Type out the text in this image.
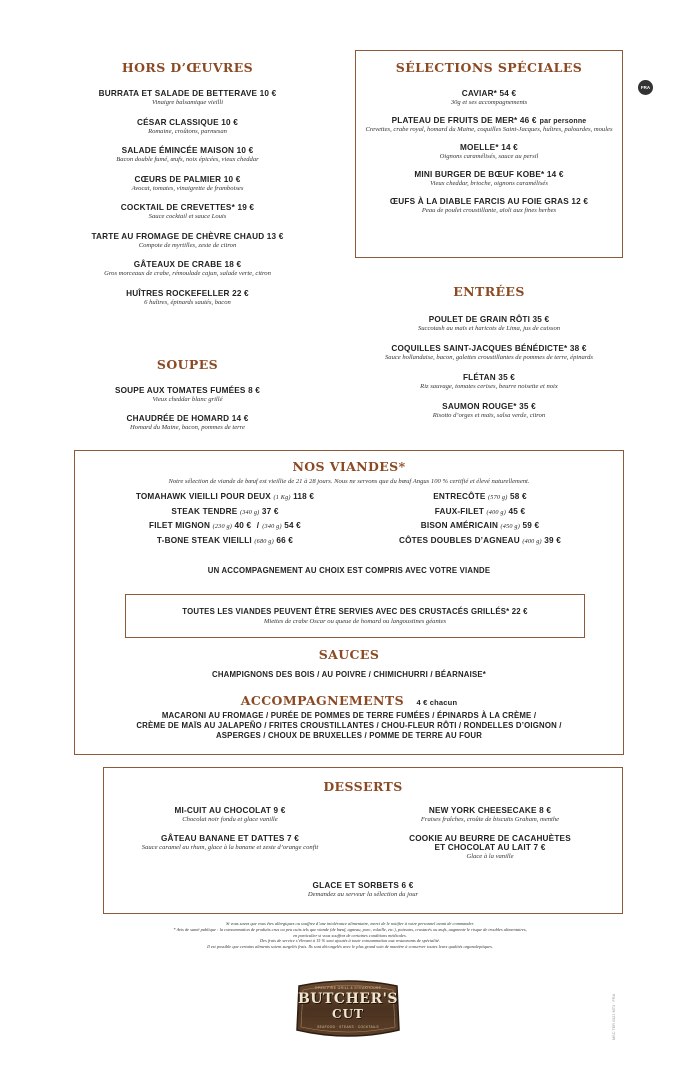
FRA
HORS D’ŒUVRES
BURRATA ET SALADE DE BETTERAVE 10 €
Vinaigre balsamique vieilli
CÉSAR CLASSIQUE 10 €
Romaine, croûtons, parmesan
SALADE ÉMINCÉE MAISON 10 €
Bacon double fumé, œufs, noix épicées, vieux cheddar
CŒURS DE PALMIER 10 €
Avocat, tomates, vinaigrette de framboises
COCKTAIL DE CREVETTES* 19 €
Sauce cocktail et sauce Louis
TARTE AU FROMAGE DE CHÈVRE CHAUD 13 €
Compote de myrtilles, zeste de citron
GÂTEAUX DE CRABE 18 €
Gros morceaux de crabe, rémoulade cajun, salade verte, citron
HUÎTRES ROCKEFELLER 22 €
6 huîtres, épinards sautés, bacon
SOUPES
SOUPE AUX TOMATES FUMÉES 8 €
Vieux cheddar blanc grillé
CHAUDRÉE DE HOMARD 14 €
Homard du Maine, bacon, pommes de terre
SÉLECTIONS SPÉCIALES
CAVIAR* 54 €
30g et ses accompagnements
PLATEAU DE FRUITS DE MER* 46 € par personne
Crevettes, crabe royal, homard du Maine, coquilles Saint-Jacques, huîtres, palourdes, moules
MOELLE* 14 €
Oignons caramélisés, sauce au persil
MINI BURGER DE BŒUF KOBE* 14 €
Vieux cheddar, brioche, oignons caramélisés
ŒUFS À LA DIABLE FARCIS AU FOIE GRAS 12 €
Peau de poulet croustillante, aïoli aux fines herbes
ENTRÉES
POULET DE GRAIN RÔTI 35 €
Succotash au maïs et haricots de Lima, jus de cuisson
COQUILLES SAINT-JACQUES BÉNÉDICTE* 38 €
Sauce hollandaise, bacon, galettes croustillantes de pommes de terre, épinards
FLÉTAN 35 €
Riz sauvage, tomates cerises, beurre noisette et noix
SAUMON ROUGE* 35 €
Risotto d’orges et maïs, salsa verde, citron
NOS VIANDES*
Notre sélection de viande de bœuf est vieillie de 21 à 28 jours. Nous ne servons que du bœuf Angus 100 % certifié et élevé naturellement.
TOMAHAWK VIEILLI POUR DEUX (1 Kg) 118 €
STEAK TENDRE (340 g) 37 €
FILET MIGNON (230 g) 40 € / (340 g) 54 €
T-BONE STEAK VIEILLI (680 g) 66 €
ENTRECÔTE (570 g) 58 €
FAUX-FILET (400 g) 45 €
BISON AMÉRICAIN (450 g) 59 €
CÔTES DOUBLES D’AGNEAU (400 g) 39 €
UN ACCOMPAGNEMENT AU CHOIX EST COMPRIS AVEC VOTRE VIANDE
TOUTES LES VIANDES PEUVENT ÊTRE SERVIES AVEC DES CRUSTACÉS GRILLÉS* 22 €
Miettes de crabe Oscar ou queue de homard ou langoustines géantes
SAUCES
CHAMPIGNONS DES BOIS / AU POIVRE / CHIMICHURRI / BÉARNAISE*
ACCOMPAGNEMENTS 4 € chacun
MACARONI AU FROMAGE / PURÉE DE POMMES DE TERRE FUMÉES / ÉPINARDS À LA CRÈME /
CRÈME DE MAÏS AU JALAPEÑO / FRITES CROUSTILLANTES / CHOU-FLEUR RÔTI / RONDELLES D’OIGNON /
ASPERGES / CHOUX DE BRUXELLES / POMME DE TERRE AU FOUR
DESSERTS
MI-CUIT AU CHOCOLAT 9 €
Chocolat noir fondu et glace vanille
GÂTEAU BANANE ET DATTES 7 €
Sauce caramel au rhum, glace à la banane et zeste d’orange confit
NEW YORK CHEESECAKE 8 €
Fraises fraîches, croûte de biscuits Graham, menthe
COOKIE AU BEURRE DE CACAHUÈTES
ET CHOCOLAT AU LAIT 7 €
Glace à la vanille
GLACE ET SORBETS 6 €
Demandez au serveur la sélection du jour
Si vous savez que vous êtes allergiques ou souffrez d’une intolérance alimentaire, merci de le notifier à votre personnel avant de commander.
* Avis de santé publique : la consommation de produits crus ou peu cuits tels que viande (de bœuf, agneau, porc, volaille, etc.), poissons, crustacés ou œufs, augmente le risque de troubles alimentaires,
en particulier si vous souffrez de certaines conditions médicales.
Des frais de service s’élevant à 15 % sont ajoutés à toute consommation aux restaurants de spécialité.
Il est possible que certains aliments soient surgelés frais. Ils sont décongelés avec le plus grand soin de manière à conserver toutes leurs qualités organoleptiques.
OPEN FIRE GRILL & STEAKHOUSE
BUTCHER'S
CUT
SEAFOOD · STEAKS · COCKTAILS	MSC TER 0321 MT3 · FRA
